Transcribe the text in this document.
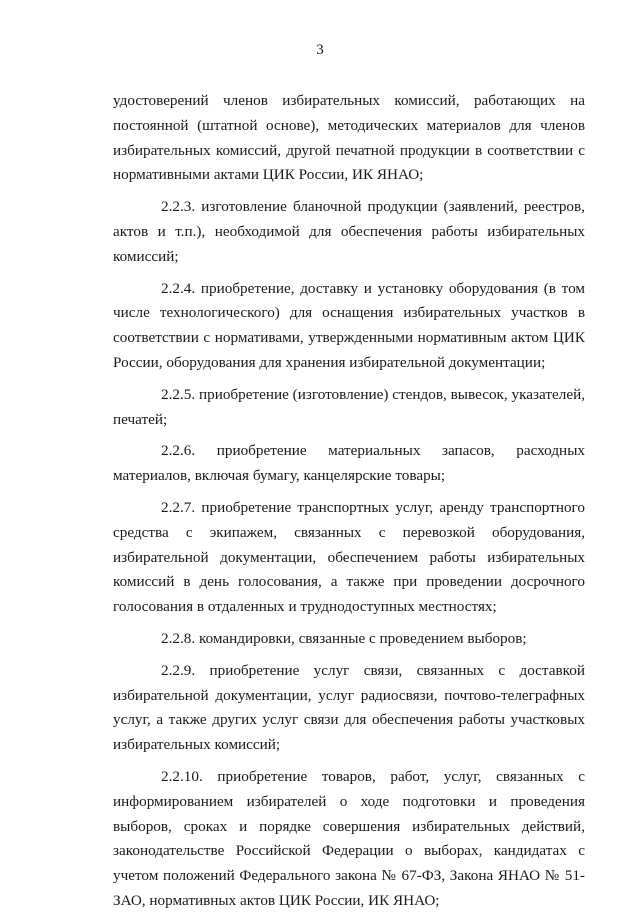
3

удостоверений членов избирательных комиссий, работающих на постоянной (штатной основе), методических материалов для членов избирательных комиссий, другой печатной продукции в соответствии с нормативными актами ЦИК России, ИК ЯНАО;

2.2.3. изготовление бланочной продукции (заявлений, реестров, актов и т.п.), необходимой для обеспечения работы избирательных комиссий;

2.2.4. приобретение, доставку и установку оборудования (в том числе технологического) для оснащения избирательных участков в соответствии с нормативами, утвержденными нормативным актом ЦИК России, оборудования для хранения избирательной документации;

2.2.5. приобретение (изготовление) стендов, вывесок, указателей, печатей;

2.2.6. приобретение материальных запасов, расходных материалов, включая бумагу, канцелярские товары;

2.2.7. приобретение транспортных услуг, аренду транспортного средства с экипажем, связанных с перевозкой оборудования, избирательной документации, обеспечением работы избирательных комиссий в день голосования, а также при проведении досрочного голосования в отдаленных и труднодоступных местностях;

2.2.8. командировки, связанные с проведением выборов;

2.2.9. приобретение услуг связи, связанных с доставкой избирательной документации, услуг радиосвязи, почтово-телеграфных услуг, а также других услуг связи для обеспечения работы участковых избирательных комиссий;

2.2.10. приобретение товаров, работ, услуг, связанных с информированием избирателей о ходе подготовки и проведения выборов, сроках и порядке совершения избирательных действий, законодательстве Российской Федерации о выборах, кандидатах с учетом положений Федерального закона № 67-ФЗ, Закона ЯНАО № 51-ЗАО, нормативных актов ЦИК России, ИК ЯНАО;
